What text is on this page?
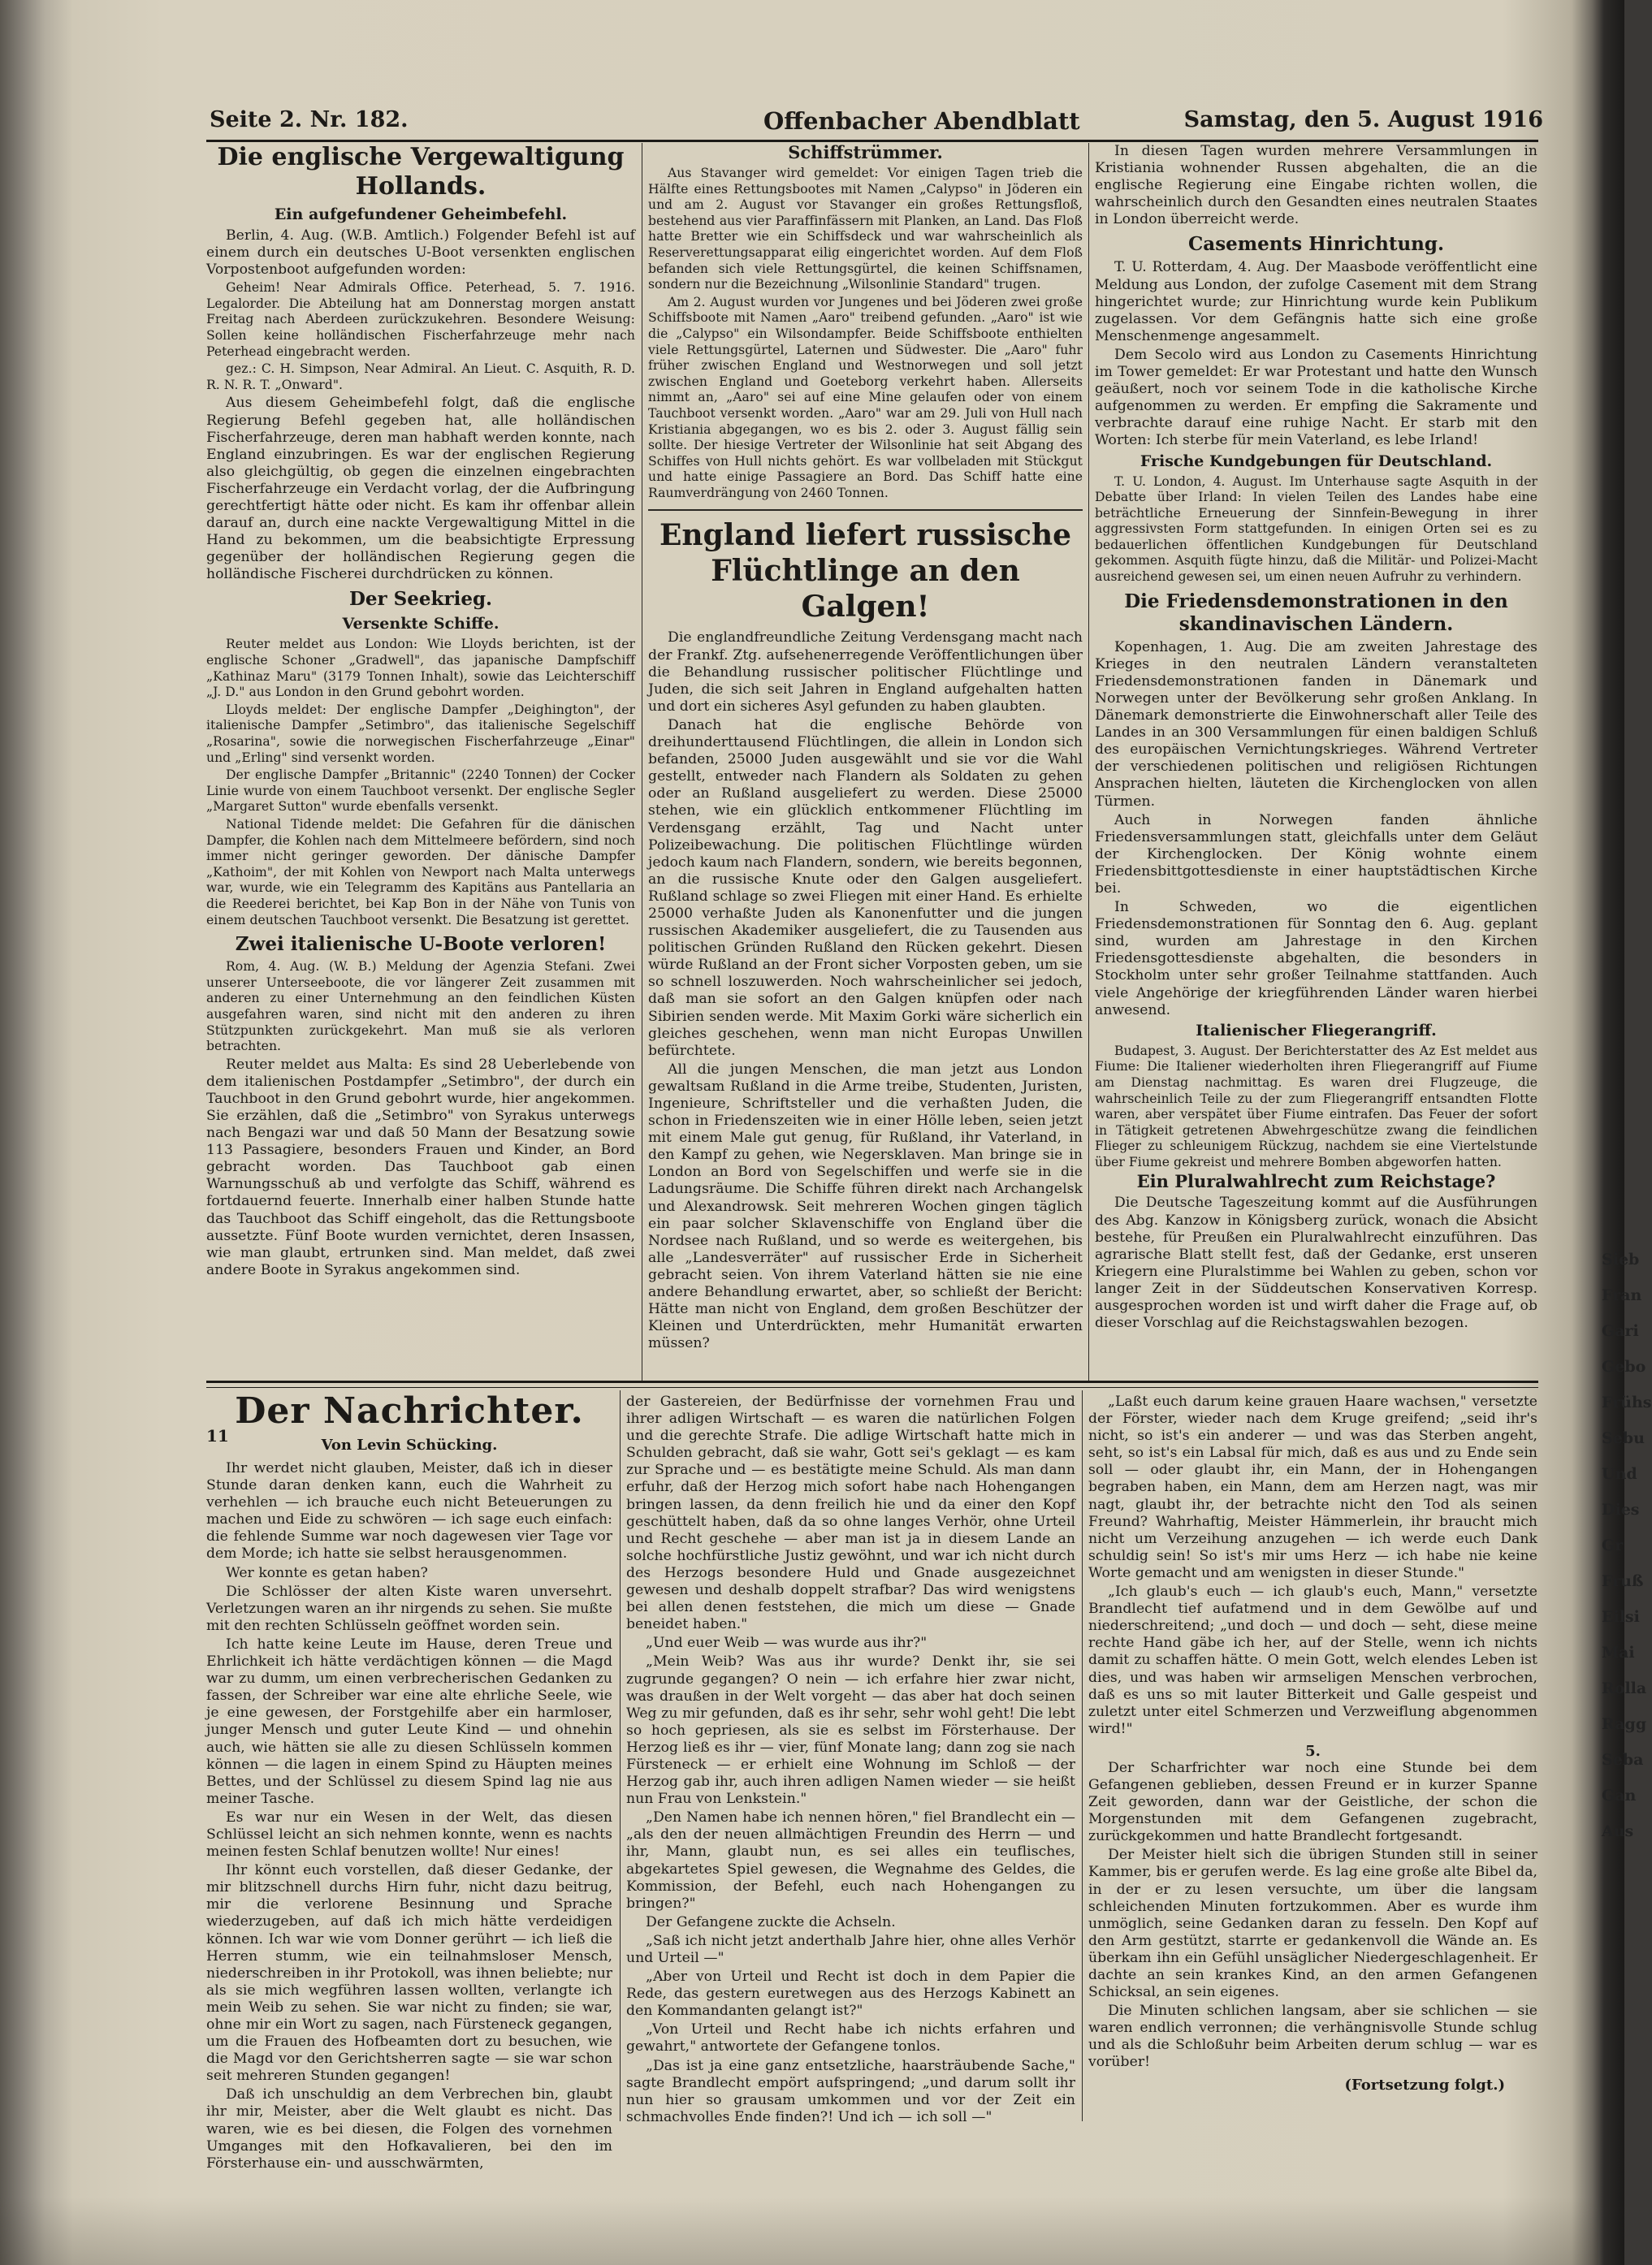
Seite 2. Nr. 182.	Offenbacher Abendblatt	Samstag, den 5. August 1916
Die englische Vergewaltigung Hollands.
Ein aufgefundener Geheimbefehl.

Berlin, 4. Aug. (W.B. Amtlich.) Folgender Befehl ist auf einem durch ein deutsches U-Boot versenkten englischen Vorpostenboot aufgefunden worden:

Geheim! Near Admirals Office. Peterhead, 5. 7. 1916. Legalorder. Die Abteilung hat am Donnerstag morgen anstatt Freitag nach Aberdeen zurückzukehren. Besondere Weisung: Sollen keine holländischen Fischerfahrzeuge mehr nach Peterhead eingebracht werden.

gez.: C. H. Simpson, Near Admiral. An Lieut. C. Asquith, R. D. R. N. R. T. „Onward".

Aus diesem Geheimbefehl folgt, daß die englische Regierung Befehl gegeben hat, alle holländischen Fischerfahrzeuge, deren man habhaft werden konnte, nach England einzubringen. Es war der englischen Regierung also gleichgültig, ob gegen die einzelnen eingebrachten Fischerfahrzeuge ein Verdacht vorlag, der die Aufbringung gerechtfertigt hätte oder nicht. Es kam ihr offenbar allein darauf an, durch eine nackte Vergewaltigung Mittel in die Hand zu bekommen, um die beabsichtigte Erpressung gegenüber der holländischen Regierung gegen die holländische Fischerei durchdrücken zu können.

Der Seekrieg.
Versenkte Schiffe.

Reuter meldet aus London: Wie Lloyds berichten, ist der englische Schoner „Gradwell", das japanische Dampfschiff „Kathinaz Maru" (3179 Tonnen Inhalt), sowie das Leichterschiff „J. D." aus London in den Grund gebohrt worden.

Lloyds meldet: Der englische Dampfer „Deighington", der italienische Dampfer „Setimbro", das italienische Segelschiff „Rosarina", sowie die norwegischen Fischerfahrzeuge „Einar" und „Erling" sind versenkt worden.

Der englische Dampfer „Britannic" (2240 Tonnen) der Cocker Linie wurde von einem Tauchboot versenkt. Der englische Segler „Margaret Sutton" wurde ebenfalls versenkt.

National Tidende meldet: Die Gefahren für die dänischen Dampfer, die Kohlen nach dem Mittelmeere befördern, sind noch immer nicht geringer geworden. Der dänische Dampfer „Kathoim", der mit Kohlen von Newport nach Malta unterwegs war, wurde, wie ein Telegramm des Kapitäns aus Pantellaria an die Reederei berichtet, bei Kap Bon in der Nähe von Tunis von einem deutschen Tauchboot versenkt. Die Besatzung ist gerettet.

Zwei italienische U-Boote verloren!

Rom, 4. Aug. (W. B.) Meldung der Agenzia Stefani. Zwei unserer Unterseeboote, die vor längerer Zeit zusammen mit anderen zu einer Unternehmung an den feindlichen Küsten ausgefahren waren, sind nicht mit den anderen zu ihren Stützpunkten zurückgekehrt. Man muß sie als verloren betrachten.

Reuter meldet aus Malta: Es sind 28 Ueberlebende von dem italienischen Postdampfer „Setimbro", der durch ein Tauchboot in den Grund gebohrt wurde, hier angekommen. Sie erzählen, daß die „Setimbro" von Syrakus unterwegs nach Bengazi war und daß 50 Mann der Besatzung sowie 113 Passagiere, besonders Frauen und Kinder, an Bord gebracht worden. Das Tauchboot gab einen Warnungsschuß ab und verfolgte das Schiff, während es fortdauernd feuerte. Innerhalb einer halben Stunde hatte das Tauchboot das Schiff eingeholt, das die Rettungsboote aussetzte. Fünf Boote wurden vernichtet, deren Insassen, wie man glaubt, ertrunken sind. Man meldet, daß zwei andere Boote in Syrakus angekommen sind.

Schiffstrümmer.

Aus Stavanger wird gemeldet: Vor einigen Tagen trieb die Hälfte eines Rettungsbootes mit Namen „Calypso" in Jöderen ein und am 2. August vor Stavanger ein großes Rettungsfloß, bestehend aus vier Paraffinfässern mit Planken, an Land. Das Floß hatte Bretter wie ein Schiffsdeck und war wahrscheinlich als Reserverettungsapparat eilig eingerichtet worden. Auf dem Floß befanden sich viele Rettungsgürtel, die keinen Schiffsnamen, sondern nur die Bezeichnung „Wilsonlinie Standard" trugen.

Am 2. August wurden vor Jungenes und bei Jöderen zwei große Schiffsboote mit Namen „Aaro" treibend gefunden. „Aaro" ist wie die „Calypso" ein Wilsondampfer. Beide Schiffsboote enthielten viele Rettungsgürtel, Laternen und Südwester. Die „Aaro" fuhr früher zwischen England und Westnorwegen und soll jetzt zwischen England und Goeteborg verkehrt haben. Allerseits nimmt an, „Aaro" sei auf eine Mine gelaufen oder von einem Tauchboot versenkt worden. „Aaro" war am 29. Juli von Hull nach Kristiania abgegangen, wo es bis 2. oder 3. August fällig sein sollte. Der hiesige Vertreter der Wilsonlinie hat seit Abgang des Schiffes von Hull nichts gehört. Es war vollbeladen mit Stückgut und hatte einige Passagiere an Bord. Das Schiff hatte eine Raumverdrängung von 2460 Tonnen.

England liefert russische Flüchtlinge an den Galgen!

Die englandfreundliche Zeitung Verdensgang macht nach der Frankf. Ztg. aufsehenerregende Veröffentlichungen über die Behandlung russischer politischer Flüchtlinge und Juden, die sich seit Jahren in England aufgehalten hatten und dort ein sicheres Asyl gefunden zu haben glaubten.

Danach hat die englische Behörde von dreihunderttausend Flüchtlingen, die allein in London sich befanden, 25000 Juden ausgewählt und sie vor die Wahl gestellt, entweder nach Flandern als Soldaten zu gehen oder an Rußland ausgeliefert zu werden. Diese 25000 stehen, wie ein glücklich entkommener Flüchtling im Verdensgang erzählt, Tag und Nacht unter Polizeibewachung. Die politischen Flüchtlinge würden jedoch kaum nach Flandern, sondern, wie bereits begonnen, an die russische Knute oder den Galgen ausgeliefert. Rußland schlage so zwei Fliegen mit einer Hand. Es erhielte 25000 verhaßte Juden als Kanonenfutter und die jungen russischen Akademiker ausgeliefert, die zu Tausenden aus politischen Gründen Rußland den Rücken gekehrt. Diesen würde Rußland an der Front sicher Vorposten geben, um sie so schnell loszuwerden. Noch wahrscheinlicher sei jedoch, daß man sie sofort an den Galgen knüpfen oder nach Sibirien senden werde. Mit Maxim Gorki wäre sicherlich ein gleiches geschehen, wenn man nicht Europas Unwillen befürchtete.

All die jungen Menschen, die man jetzt aus London gewaltsam Rußland in die Arme treibe, Studenten, Juristen, Ingenieure, Schriftsteller und die verhaßten Juden, die schon in Friedenszeiten wie in einer Hölle leben, seien jetzt mit einem Male gut genug, für Rußland, ihr Vaterland, in den Kampf zu gehen, wie Negersklaven. Man bringe sie in London an Bord von Segelschiffen und werfe sie in die Ladungsräume. Die Schiffe führen direkt nach Archangelsk und Alexandrowsk. Seit mehreren Wochen gingen täglich ein paar solcher Sklavenschiffe von England über die Nordsee nach Rußland, und so werde es weitergehen, bis alle „Landesverräter" auf russischer Erde in Sicherheit gebracht seien. Von ihrem Vaterland hätten sie nie eine andere Behandlung erwartet, aber, so schließt der Bericht: Hätte man nicht von England, dem großen Beschützer der Kleinen und Unterdrückten, mehr Humanität erwarten müssen?

In diesen Tagen wurden mehrere Versammlungen in Kristiania wohnender Russen abgehalten, die an die englische Regierung eine Eingabe richten wollen, die wahrscheinlich durch den Gesandten eines neutralen Staates in London überreicht werde.

Casements Hinrichtung.

T. U. Rotterdam, 4. Aug. Der Maasbode veröffentlicht eine Meldung aus London, der zufolge Casement mit dem Strang hingerichtet wurde; zur Hinrichtung wurde kein Publikum zugelassen. Vor dem Gefängnis hatte sich eine große Menschenmenge angesammelt.

Dem Secolo wird aus London zu Casements Hinrichtung im Tower gemeldet: Er war Protestant und hatte den Wunsch geäußert, noch vor seinem Tode in die katholische Kirche aufgenommen zu werden. Er empfing die Sakramente und verbrachte darauf eine ruhige Nacht. Er starb mit den Worten: Ich sterbe für mein Vaterland, es lebe Irland!

Frische Kundgebungen für Deutschland.

T. U. London, 4. August. Im Unterhause sagte Asquith in der Debatte über Irland: In vielen Teilen des Landes habe eine beträchtliche Erneuerung der Sinnfein-Bewegung in ihrer aggressivsten Form stattgefunden. In einigen Orten sei es zu bedauerlichen öffentlichen Kundgebungen für Deutschland gekommen. Asquith fügte hinzu, daß die Militär- und Polizei-Macht ausreichend gewesen sei, um einen neuen Aufruhr zu verhindern.

Die Friedensdemonstrationen in den skandinavischen Ländern.

Kopenhagen, 1. Aug. Die am zweiten Jahrestage des Krieges in den neutralen Ländern veranstalteten Friedensdemonstrationen fanden in Dänemark und Norwegen unter der Bevölkerung sehr großen Anklang. In Dänemark demonstrierte die Einwohnerschaft aller Teile des Landes in an 300 Versammlungen für einen baldigen Schluß des europäischen Vernichtungskrieges. Während Vertreter der verschiedenen politischen und religiösen Richtungen Ansprachen hielten, läuteten die Kirchenglocken von allen Türmen.

Auch in Norwegen fanden ähnliche Friedensversammlungen statt, gleichfalls unter dem Geläut der Kirchenglocken. Der König wohnte einem Friedensbittgottesdienste in einer hauptstädtischen Kirche bei.

In Schweden, wo die eigentlichen Friedensdemonstrationen für Sonntag den 6. Aug. geplant sind, wurden am Jahrestage in den Kirchen Friedensgottesdienste abgehalten, die besonders in Stockholm unter sehr großer Teilnahme stattfanden. Auch viele Angehörige der kriegführenden Länder waren hierbei anwesend.

Italienischer Fliegerangriff.

Budapest, 3. August. Der Berichterstatter des Az Est meldet aus Fiume: Die Italiener wiederholten ihren Fliegerangriff auf Fiume am Dienstag nachmittag. Es waren drei Flugzeuge, die wahrscheinlich Teile zu der zum Fliegerangriff entsandten Flotte waren, aber verspätet über Fiume eintrafen. Das Feuer der sofort in Tätigkeit getretenen Abwehrgeschütze zwang die feindlichen Flieger zu schleunigem Rückzug, nachdem sie eine Viertelstunde über Fiume gekreist und mehrere Bomben abgeworfen hatten.

Ein Pluralwahlrecht zum Reichstage?

Die Deutsche Tageszeitung kommt auf die Ausführungen des Abg. Kanzow in Königsberg zurück, wonach die Absicht bestehe, für Preußen ein Pluralwahlrecht einzuführen. Das agrarische Blatt stellt fest, daß der Gedanke, erst unseren Kriegern eine Pluralstimme bei Wahlen zu geben, schon vor langer Zeit in der Süddeutschen Konservativen Korresp. ausgesprochen worden ist und wirft daher die Frage auf, ob dieser Vorschlag auf die Reichstagswahlen bezogen.

11
Der Nachrichter.
Von Levin Schücking.

Ihr werdet nicht glauben, Meister, daß ich in dieser Stunde daran denken kann, euch die Wahrheit zu verhehlen — ich brauche euch nicht Beteuerungen zu machen und Eide zu schwören — ich sage euch einfach: die fehlende Summe war noch dagewesen vier Tage vor dem Morde; ich hatte sie selbst herausgenommen.

Wer konnte es getan haben?

Die Schlösser der alten Kiste waren unversehrt. Verletzungen waren an ihr nirgends zu sehen. Sie mußte mit den rechten Schlüsseln geöffnet worden sein.

Ich hatte keine Leute im Hause, deren Treue und Ehrlichkeit ich hätte verdächtigen können — die Magd war zu dumm, um einen verbrecherischen Gedanken zu fassen, der Schreiber war eine alte ehrliche Seele, wie je eine gewesen, der Forstgehilfe aber ein harmloser, junger Mensch und guter Leute Kind — und ohnehin auch, wie hätten sie alle zu diesen Schlüsseln kommen können — die lagen in einem Spind zu Häupten meines Bettes, und der Schlüssel zu diesem Spind lag nie aus meiner Tasche.

Es war nur ein Wesen in der Welt, das diesen Schlüssel leicht an sich nehmen konnte, wenn es nachts meinen festen Schlaf benutzen wollte! Nur eines!

Ihr könnt euch vorstellen, daß dieser Gedanke, der mir blitzschnell durchs Hirn fuhr, nicht dazu beitrug, mir die verlorene Besinnung und Sprache wiederzugeben, auf daß ich mich hätte verdeidigen können. Ich war wie vom Donner gerührt — ich ließ die Herren stumm, wie ein teilnahmsloser Mensch, niederschreiben in ihr Protokoll, was ihnen beliebte; nur als sie mich wegführen lassen wollten, verlangte ich mein Weib zu sehen. Sie war nicht zu finden; sie war, ohne mir ein Wort zu sagen, nach Fürsteneck gegangen, um die Frauen des Hofbeamten dort zu besuchen, wie die Magd vor den Gerichtsherren sagte — sie war schon seit mehreren Stunden gegangen!

Daß ich unschuldig an dem Verbrechen bin, glaubt ihr mir, Meister, aber die Welt glaubt es nicht. Das waren, wie es bei diesen, die Folgen des vornehmen Umganges mit den Hofkavalieren, bei den im Försterhause ein- und ausschwärmten,

der Gastereien, der Bedürfnisse der vornehmen Frau und ihrer adligen Wirtschaft — es waren die natürlichen Folgen und die gerechte Strafe. Die adlige Wirtschaft hatte mich in Schulden gebracht, daß sie wahr, Gott sei's geklagt — es kam zur Sprache und — es bestätigte meine Schuld. Als man dann erfuhr, daß der Herzog mich sofort habe nach Hohengangen bringen lassen, da denn freilich hie und da einer den Kopf geschüttelt haben, daß da so ohne langes Verhör, ohne Urteil und Recht geschehe — aber man ist ja in diesem Lande an solche hochfürstliche Justiz gewöhnt, und war ich nicht durch des Herzogs besondere Huld und Gnade ausgezeichnet gewesen und deshalb doppelt strafbar? Das wird wenigstens bei allen denen feststehen, die mich um diese — Gnade beneidet haben."

„Und euer Weib — was wurde aus ihr?"

„Mein Weib? Was aus ihr wurde? Denkt ihr, sie sei zugrunde gegangen? O nein — ich erfahre hier zwar nicht, was draußen in der Welt vorgeht — das aber hat doch seinen Weg zu mir gefunden, daß es ihr sehr, sehr wohl geht! Die lebt so hoch gepriesen, als sie es selbst im Försterhause. Der Herzog ließ es ihr — vier, fünf Monate lang; dann zog sie nach Fürsteneck — er erhielt eine Wohnung im Schloß — der Herzog gab ihr, auch ihren adligen Namen wieder — sie heißt nun Frau von Lenkstein."

„Den Namen habe ich nennen hören," fiel Brandlecht ein — „als den der neuen allmächtigen Freundin des Herrn — und ihr, Mann, glaubt nun, es sei alles ein teuflisches, abgekartetes Spiel gewesen, die Wegnahme des Geldes, die Kommission, der Befehl, euch nach Hohengangen zu bringen?"

Der Gefangene zuckte die Achseln.

„Saß ich nicht jetzt anderthalb Jahre hier, ohne alles Verhör und Urteil —"

„Aber von Urteil und Recht ist doch in dem Papier die Rede, das gestern euretwegen aus des Herzogs Kabinett an den Kommandanten gelangt ist?"

„Von Urteil und Recht habe ich nichts erfahren und gewahrt," antwortete der Gefangene tonlos.

„Das ist ja eine ganz entsetzliche, haarsträubende Sache," sagte Brandlecht empört aufspringend; „und darum sollt ihr nun hier so grausam umkommen und vor der Zeit ein schmachvolles Ende finden?! Und ich — ich soll —"

„Laßt euch darum keine grauen Haare wachsen," versetzte der Förster, wieder nach dem Kruge greifend; „seid ihr's nicht, so ist's ein anderer — und was das Sterben angeht, seht, so ist's ein Labsal für mich, daß es aus und zu Ende sein soll — oder glaubt ihr, ein Mann, der in Hohengangen begraben haben, ein Mann, dem am Herzen nagt, was mir nagt, glaubt ihr, der betrachte nicht den Tod als seinen Freund? Wahrhaftig, Meister Hämmerlein, ihr braucht mich nicht um Verzeihung anzugehen — ich werde euch Dank schuldig sein! So ist's mir ums Herz — ich habe nie keine Worte gemacht und am wenigsten in dieser Stunde."

„Ich glaub's euch — ich glaub's euch, Mann," versetzte Brandlecht tief aufatmend und in dem Gewölbe auf und niederschreitend; „und doch — und doch — seht, diese meine rechte Hand gäbe ich her, auf der Stelle, wenn ich nichts damit zu schaffen hätte. O mein Gott, welch elendes Leben ist dies, und was haben wir armseligen Menschen verbrochen, daß es uns so mit lauter Bitterkeit und Galle gespeist und zuletzt unter eitel Schmerzen und Verzweiflung abgenommen wird!"

5.

Der Scharfrichter war noch eine Stunde bei dem Gefangenen geblieben, dessen Freund er in kurzer Spanne Zeit geworden, dann war der Geistliche, der schon die Morgenstunden mit dem Gefangenen zugebracht, zurückgekommen und hatte Brandlecht fortgesandt.

Der Meister hielt sich die übrigen Stunden still in seiner Kammer, bis er gerufen werde. Es lag eine große alte Bibel da, in der er zu lesen versuchte, um über die langsam schleichenden Minuten fortzukommen. Aber es wurde ihm unmöglich, seine Gedanken daran zu fesseln. Den Kopf auf den Arm gestützt, starrte er gedankenvoll die Wände an. Es überkam ihn ein Gefühl unsäglicher Niedergeschlagenheit. Er dachte an sein krankes Kind, an den armen Gefangenen Schicksal, an sein eigenes.

Die Minuten schlichen langsam, aber sie schlichen — sie waren endlich verronnen; die verhängnisvolle Stunde schlug und als die Schloßuhr beim Arbeiten derum schlug — war es vorüber!

(Fortsetzung folgt.)
Sieb
Fran
Gari
Gebo
Frühs
Sebu
Und
Dies
Gr
Fruß
Eilsi
Mai
Rolla
Ragg
Seba
Gan
Aus
